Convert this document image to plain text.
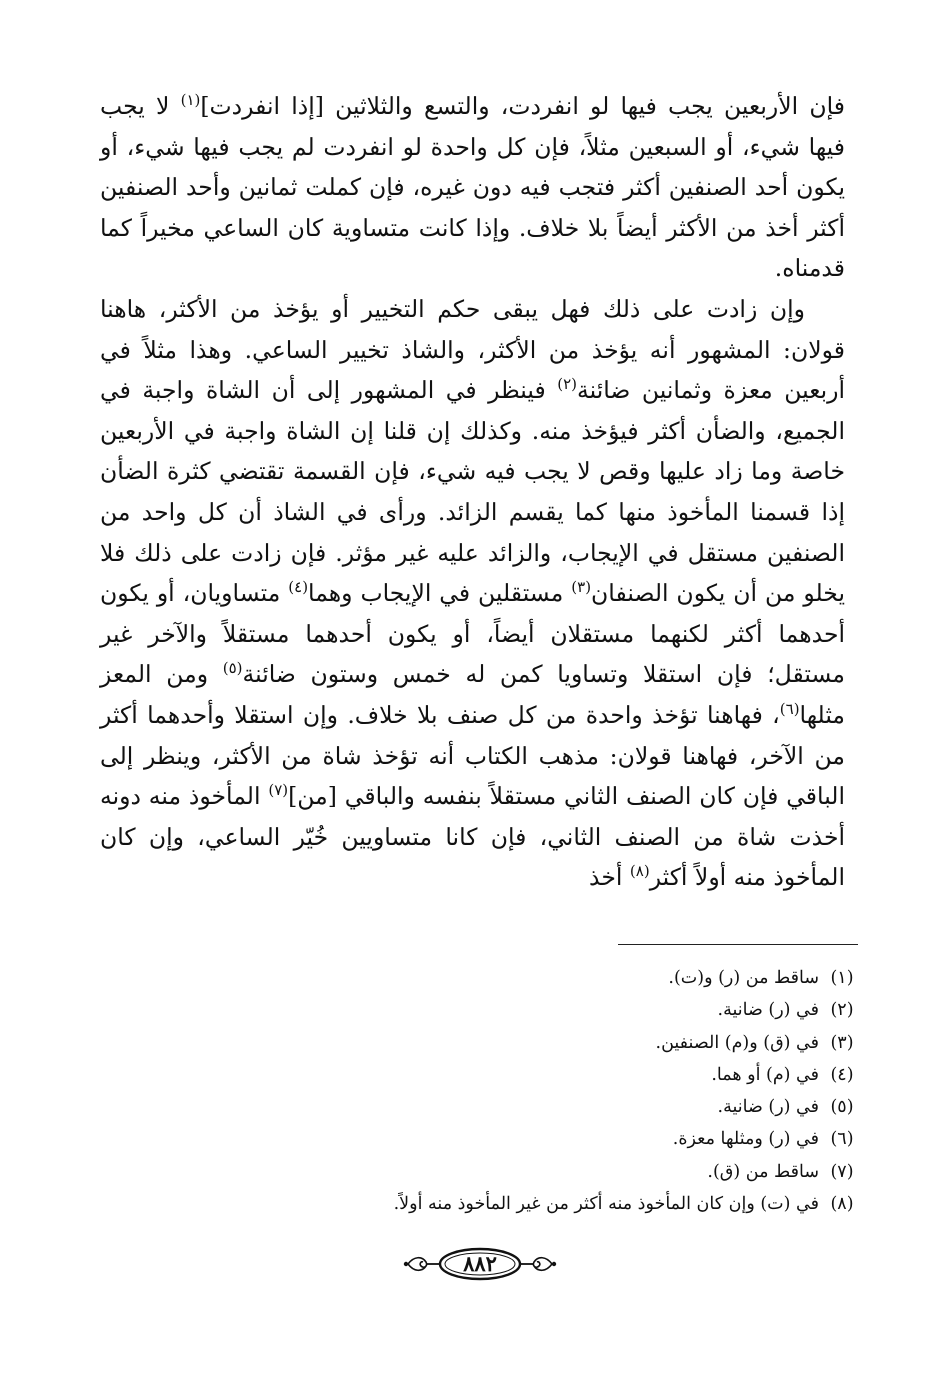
فإن الأربعين يجب فيها لو انفردت، والتسع والثلاثين [إذا انفردت]$^{(١)}$ لا يجب فيها شيء، أو السبعين مثلاً، فإن كل واحدة لو انفردت لم يجب فيها شيء، أو يكون أحد الصنفين أكثر فتجب فيه دون غيره، فإن كملت ثمانين وأحد الصنفين أكثر أخذ من الأكثر أيضاً بلا خلاف. وإذا كانت متساوية كان الساعي مخيراً كما قدمناه.

وإن زادت على ذلك فهل يبقى حكم التخيير أو يؤخذ من الأكثر، هاهنا قولان: المشهور أنه يؤخذ من الأكثر، والشاذ تخيير الساعي. وهذا مثلاً في أربعين معزة وثمانين ضائنة$^{(٢)}$ فينظر في المشهور إلى أن الشاة واجبة في الجميع، والضأن أكثر فيؤخذ منه. وكذلك إن قلنا إن الشاة واجبة في الأربعين خاصة وما زاد عليها وقص لا يجب فيه شيء، فإن القسمة تقتضي كثرة الضأن إذا قسمنا المأخوذ منها كما يقسم الزائد. ورأى في الشاذ أن كل واحد من الصنفين مستقل في الإيجاب، والزائد عليه غير مؤثر. فإن زادت على ذلك فلا يخلو من أن يكون الصنفان$^{(٣)}$ مستقلين في الإيجاب وهما$^{(٤)}$ متساويان، أو يكون أحدهما أكثر لكنهما مستقلان أيضاً، أو يكون أحدهما مستقلاً والآخر غير مستقل؛ فإن استقلا وتساويا كمن له خمس وستون ضائنة$^{(٥)}$ ومن المعز مثلها$^{(٦)}$، فهاهنا تؤخذ واحدة من كل صنف بلا خلاف. وإن استقلا وأحدهما أكثر من الآخر، فهاهنا قولان: مذهب الكتاب أنه تؤخذ شاة من الأكثر، وينظر إلى الباقي فإن كان الصنف الثاني مستقلاً بنفسه والباقي [من]$^{(٧)}$ المأخوذ منه دونه أخذت شاة من الصنف الثاني، فإن كانا متساويين خُيّر الساعي، وإن كان المأخوذ منه أولاً أكثر$^{(٨)}$ أخذ

(١)
ساقط من (ر) و(ت).
(٢)
في (ر) ضانية.
(٣)
في (ق) و(م) الصنفين.
(٤)
في (م) أو هما.
(٥)
في (ر) ضانية.
(٦)
في (ر) ومثلها معزة.
(٧)
ساقط من (ق).
(٨)
في (ت) وإن كان المأخوذ منه أكثر من غير المأخوذ منه أولاً.
٨٨٢
